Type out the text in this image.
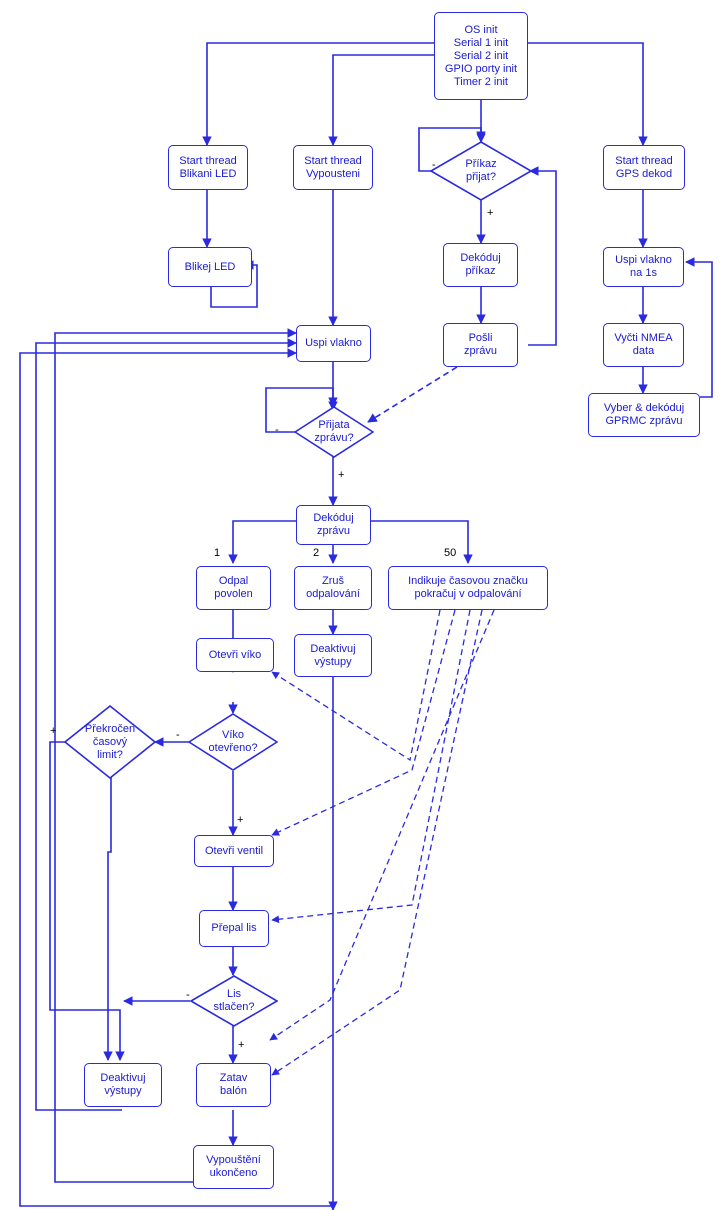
OS init
Serial 1 init
Serial 2 init
GPIO porty init
Timer 2 init
Start thread
Blikani LED
Start thread
Vypousteni
Příkaz
přijat?
Start thread
GPS dekod
Blikej LED
Dekóduj
příkaz
Uspi vlakno
na 1s
Uspi vlakno	Pošli
zprávu
Vyčti NMEA
data
Přijata
zprávu?
Vyber & dekóduj
GPRMC zprávu
Dekóduj
zprávu
Odpal
povolen
Zruš
odpalování
Indikuje časovou značku
pokračuj v odpalování
Otevři víko	Deaktivuj
výstupy
Překročen
časový
limit?
Víko
otevřeno?
Otevři ventil
Přepal lis
Lis
stlačen?
Deaktivuj
výstupy
Zatav
balón
Vypouštění
ukončeno
-
+
-
+
1	2	50
-
+
+
-
+
